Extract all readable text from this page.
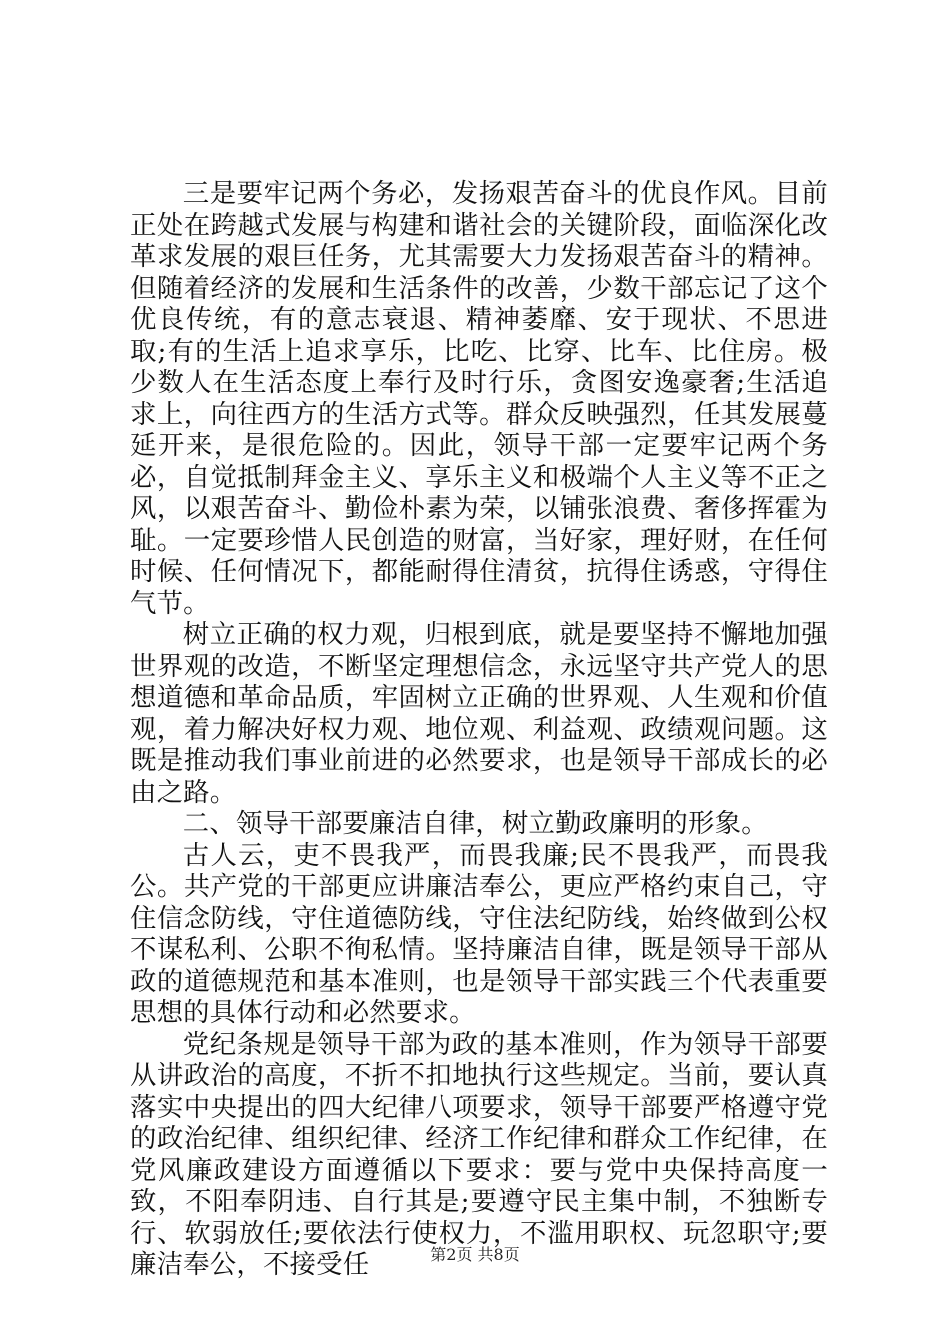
三是要牢记两个务必，发扬艰苦奋斗的优良作风。目前正处在跨越式发展与构建和谐社会的关键阶段，面临深化改革求发展的艰巨任务，尤其需要大力发扬艰苦奋斗的精神。但随着经济的发展和生活条件的改善，少数干部忘记了这个优良传统，有的意志衰退、精神萎靡、安于现状、不思进取;有的生活上追求享乐，比吃、比穿、比车、比住房。极少数人在生活态度上奉行及时行乐，贪图安逸豪奢;生活追求上，向往西方的生活方式等。群众反映强烈，任其发展蔓延开来，是很危险的。因此，领导干部一定要牢记两个务必，自觉抵制拜金主义、享乐主义和极端个人主义等不正之风，以艰苦奋斗、勤俭朴素为荣，以铺张浪费、奢侈挥霍为耻。一定要珍惜人民创造的财富，当好家，理好财，在任何时候、任何情况下，都能耐得住清贫，抗得住诱惑，守得住气节。

树立正确的权力观，归根到底，就是要坚持不懈地加强世界观的改造，不断坚定理想信念，永远坚守共产党人的思想道德和革命品质，牢固树立正确的世界观、人生观和价值观，着力解决好权力观、地位观、利益观、政绩观问题。这既是推动我们事业前进的必然要求，也是领导干部成长的必由之路。

二、领导干部要廉洁自律，树立勤政廉明的形象。

古人云，吏不畏我严，而畏我廉;民不畏我严，而畏我公。共产党的干部更应讲廉洁奉公，更应严格约束自己，守住信念防线，守住道德防线，守住法纪防线，始终做到公权不谋私利、公职不徇私情。坚持廉洁自律，既是领导干部从政的道德规范和基本准则，也是领导干部实践三个代表重要思想的具体行动和必然要求。

党纪条规是领导干部为政的基本准则，作为领导干部要从讲政治的高度，不折不扣地执行这些规定。当前，要认真落实中央提出的四大纪律八项要求，领导干部要严格遵守党的政治纪律、组织纪律、经济工作纪律和群众工作纪律，在党风廉政建设方面遵循以下要求：要与党中央保持高度一致，不阳奉阴违、自行其是;要遵守民主集中制，不独断专行、软弱放任;要依法行使权力，不滥用职权、玩忽职守;要廉洁奉公，不接受任	第2页 共8页
